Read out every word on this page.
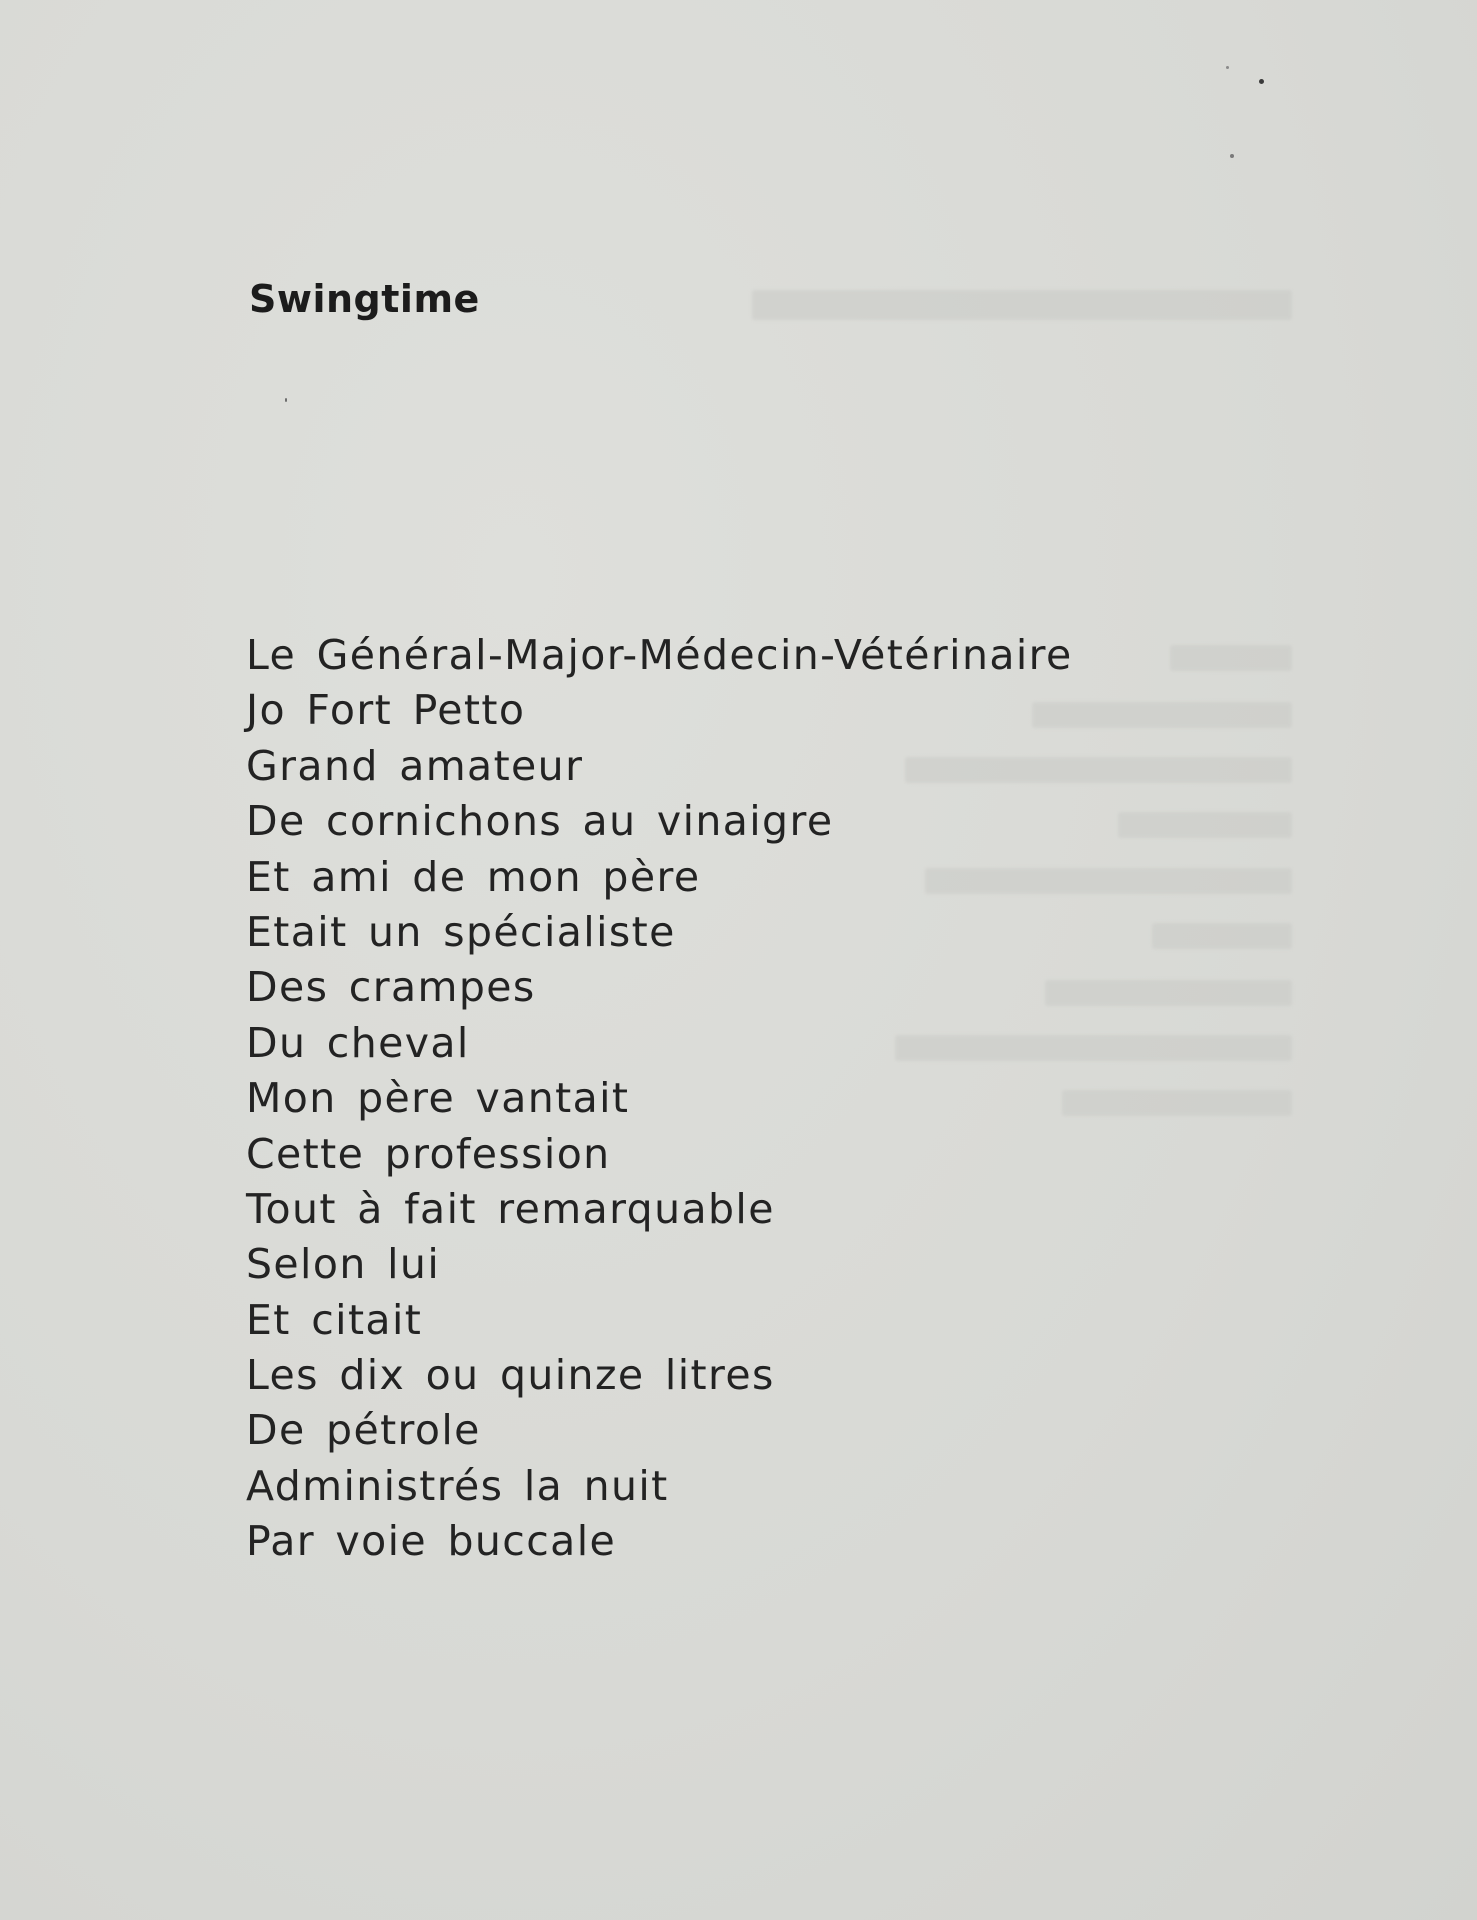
Swingtime
Le Général-Major-Médecin-Vétérinaire
Jo Fort Petto
Grand amateur
De cornichons au vinaigre
Et ami de mon père
Etait un spécialiste
Des crampes
Du cheval
Mon père vantait
Cette profession
Tout à fait remarquable
Selon lui
Et citait
Les dix ou quinze litres
De pétrole
Administrés la nuit
Par voie buccale
